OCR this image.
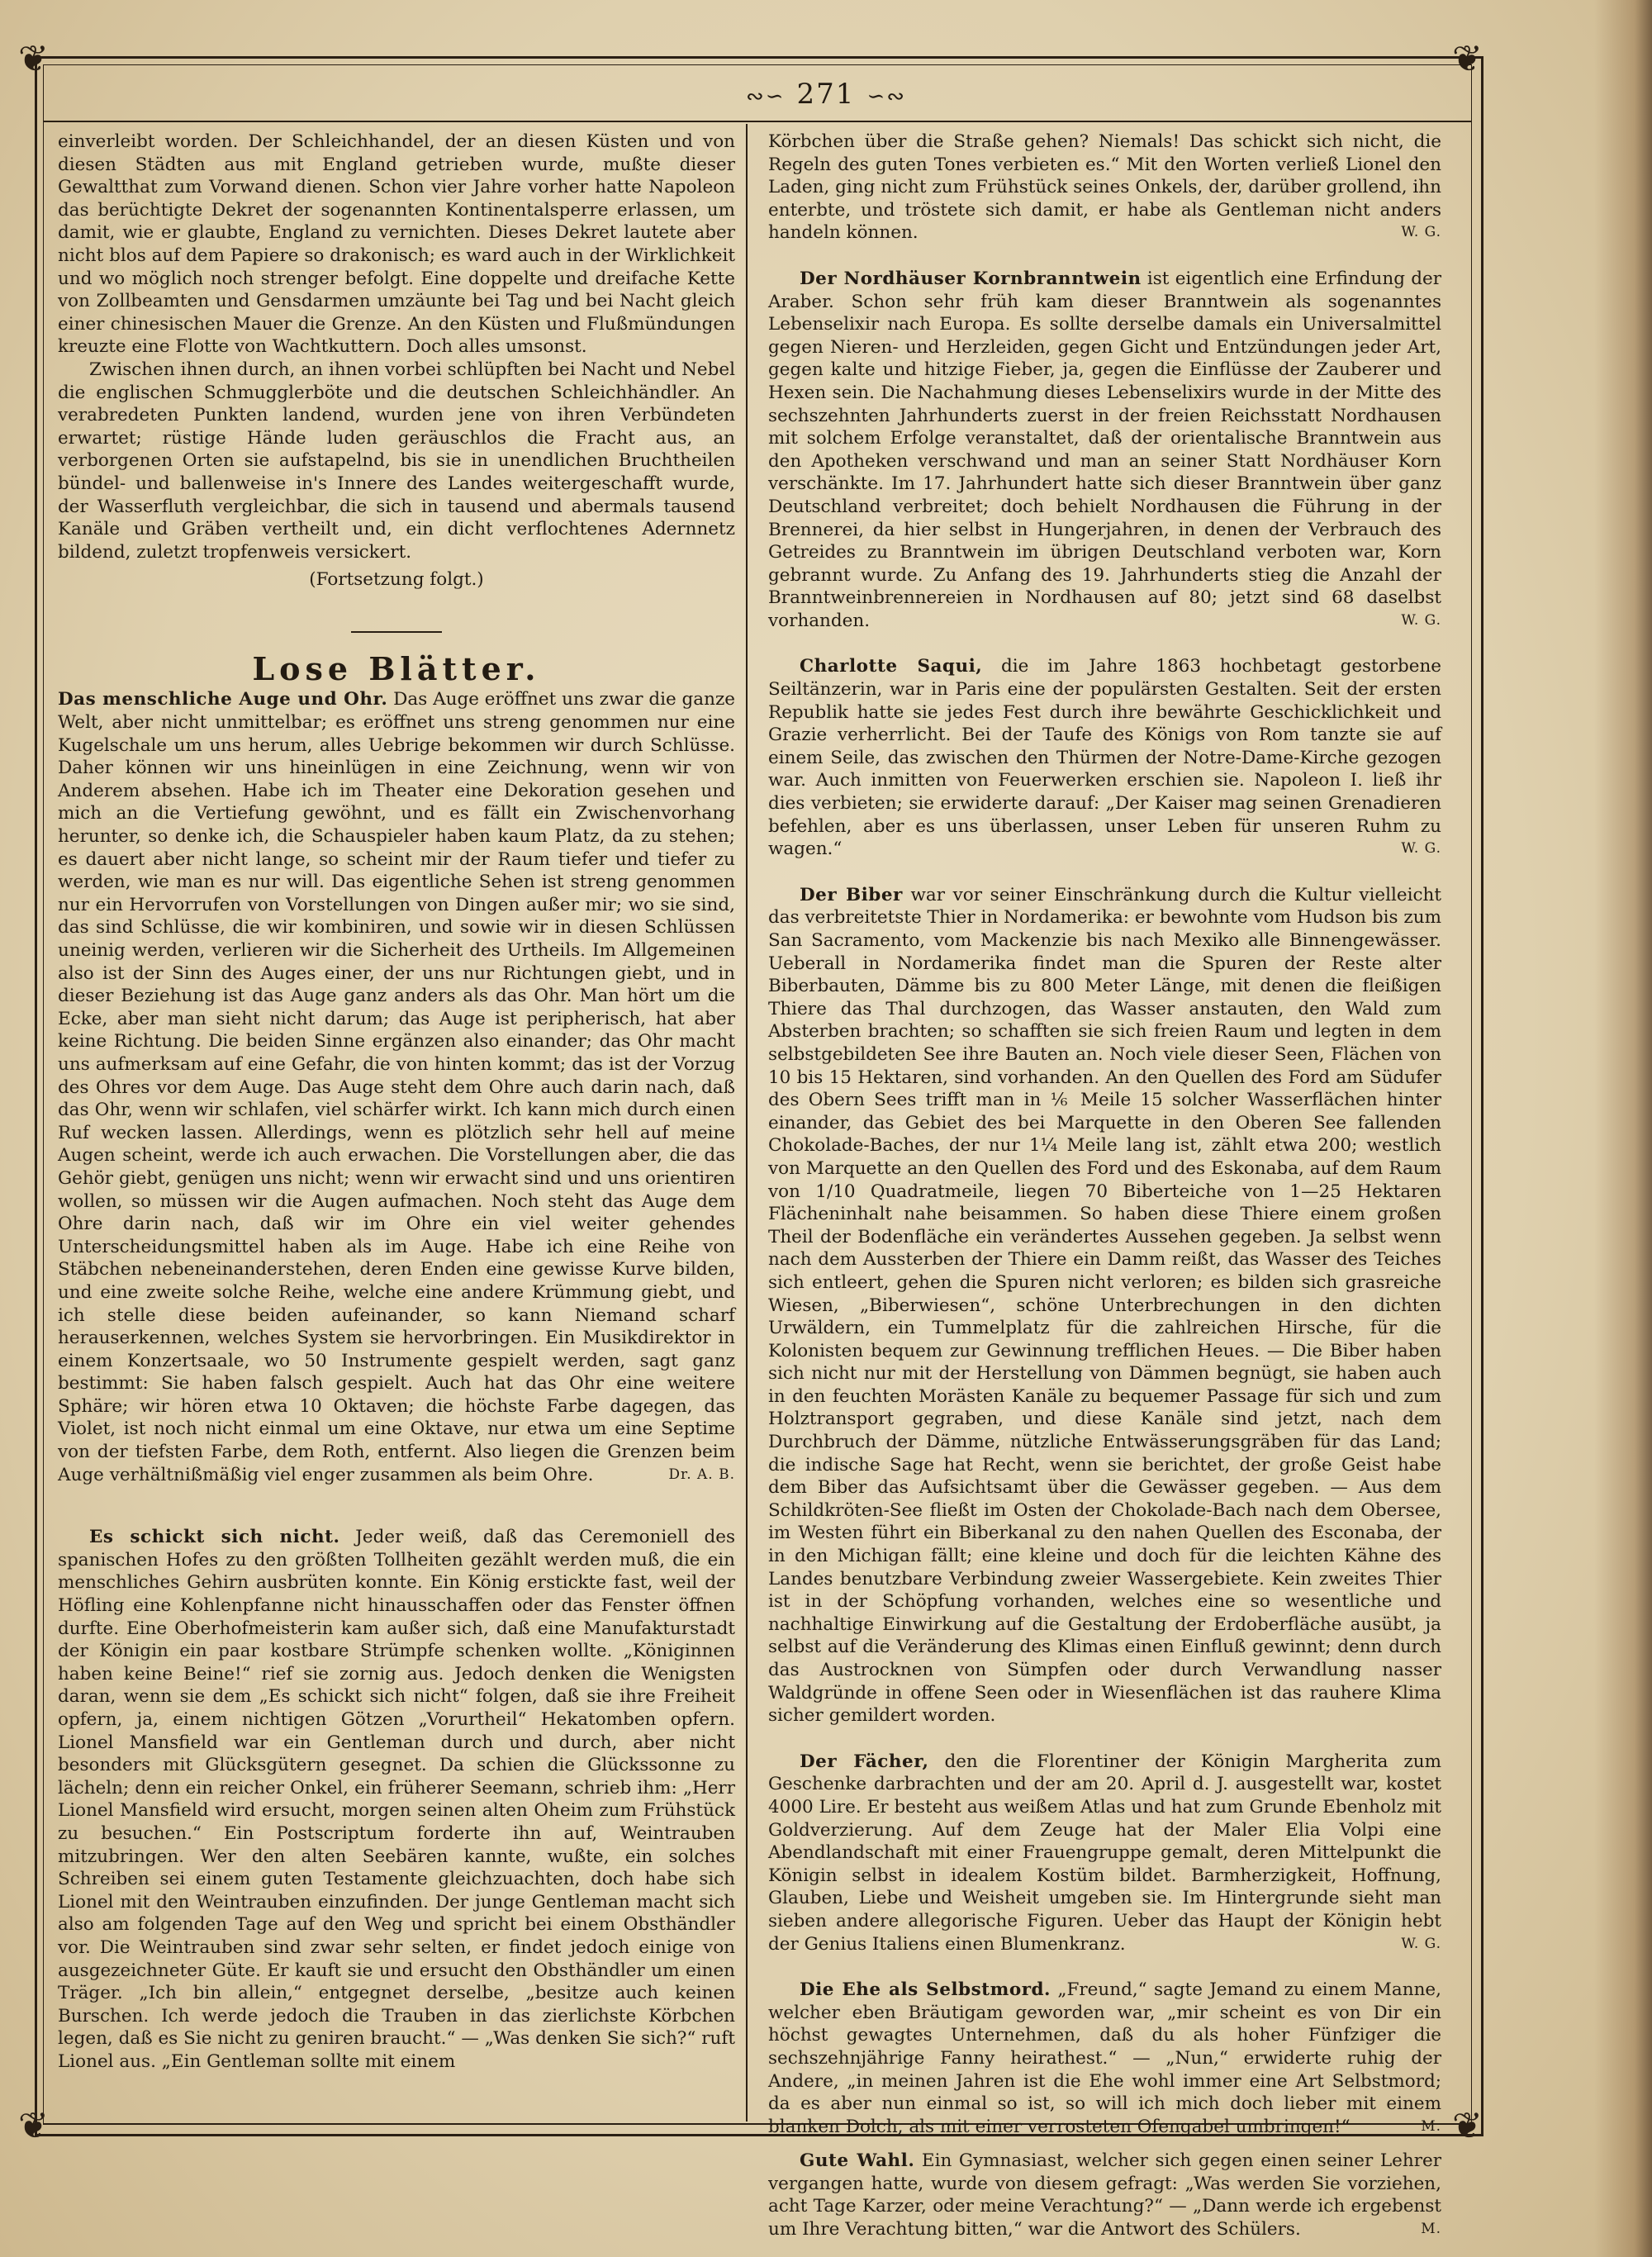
❦	❦
❦	❦
∾∽ 271 ∽∾

einverleibt worden. Der Schleichhandel, der an diesen Küsten und von diesen Städten aus mit England getrieben wurde, mußte dieser Gewaltthat zum Vorwand dienen. Schon vier Jahre vorher hatte Napoleon das berüchtigte Dekret der sogenannten Kontinentalsperre erlassen, um damit, wie er glaubte, England zu vernichten. Dieses Dekret lautete aber nicht blos auf dem Papiere so drakonisch; es ward auch in der Wirklichkeit und wo möglich noch strenger befolgt. Eine doppelte und dreifache Kette von Zollbeamten und Gensdarmen umzäunte bei Tag und bei Nacht gleich einer chinesischen Mauer die Grenze. An den Küsten und Flußmündungen kreuzte eine Flotte von Wachtkuttern. Doch alles umsonst.

Zwischen ihnen durch, an ihnen vorbei schlüpften bei Nacht und Nebel die englischen Schmugglerböte und die deutschen Schleichhändler. An verabredeten Punkten landend, wurden jene von ihren Verbündeten erwartet; rüstige Hände luden geräuschlos die Fracht aus, an verborgenen Orten sie aufstapelnd, bis sie in unendlichen Bruchtheilen bündel- und ballenweise in's Innere des Landes weitergeschafft wurde, der Wasserfluth vergleichbar, die sich in tausend und abermals tausend Kanäle und Gräben vertheilt und, ein dicht verflochtenes Adernnetz bildend, zuletzt tropfenweis versickert.

(Fortsetzung folgt.)

Lose Blätter.

Das menschliche Auge und Ohr. Das Auge eröffnet uns zwar die ganze Welt, aber nicht unmittelbar; es eröffnet uns streng genommen nur eine Kugelschale um uns herum, alles Uebrige bekommen wir durch Schlüsse. Daher können wir uns hineinlügen in eine Zeichnung, wenn wir von Anderem absehen. Habe ich im Theater eine Dekoration gesehen und mich an die Vertiefung gewöhnt, und es fällt ein Zwischenvorhang herunter, so denke ich, die Schauspieler haben kaum Platz, da zu stehen; es dauert aber nicht lange, so scheint mir der Raum tiefer und tiefer zu werden, wie man es nur will. Das eigentliche Sehen ist streng genommen nur ein Hervorrufen von Vorstellungen von Dingen außer mir; wo sie sind, das sind Schlüsse, die wir kombiniren, und sowie wir in diesen Schlüssen uneinig werden, verlieren wir die Sicherheit des Urtheils. Im Allgemeinen also ist der Sinn des Auges einer, der uns nur Richtungen giebt, und in dieser Beziehung ist das Auge ganz anders als das Ohr. Man hört um die Ecke, aber man sieht nicht darum; das Auge ist peripherisch, hat aber keine Richtung. Die beiden Sinne ergänzen also einander; das Ohr macht uns aufmerksam auf eine Gefahr, die von hinten kommt; das ist der Vorzug des Ohres vor dem Auge. Das Auge steht dem Ohre auch darin nach, daß das Ohr, wenn wir schlafen, viel schärfer wirkt. Ich kann mich durch einen Ruf wecken lassen. Allerdings, wenn es plötzlich sehr hell auf meine Augen scheint, werde ich auch erwachen. Die Vorstellungen aber, die das Gehör giebt, genügen uns nicht; wenn wir erwacht sind und uns orientiren wollen, so müssen wir die Augen aufmachen. Noch steht das Auge dem Ohre darin nach, daß wir im Ohre ein viel weiter gehendes Unterscheidungsmittel haben als im Auge. Habe ich eine Reihe von Stäbchen nebeneinanderstehen, deren Enden eine gewisse Kurve bilden, und eine zweite solche Reihe, welche eine andere Krümmung giebt, und ich stelle diese beiden aufeinander, so kann Niemand scharf herauserkennen, welches System sie hervorbringen. Ein Musikdirektor in einem Konzertsaale, wo 50 Instrumente gespielt werden, sagt ganz bestimmt: Sie haben falsch gespielt. Auch hat das Ohr eine weitere Sphäre; wir hören etwa 10 Oktaven; die höchste Farbe dagegen, das Violet, ist noch nicht einmal um eine Oktave, nur etwa um eine Septime von der tiefsten Farbe, dem Roth, entfernt. Also liegen die Grenzen beim Auge verhältnißmäßig viel enger zusammen als beim Ohre.	Dr. A. B.

Es schickt sich nicht. Jeder weiß, daß das Ceremoniell des spanischen Hofes zu den größten Tollheiten gezählt werden muß, die ein menschliches Gehirn ausbrüten konnte. Ein König erstickte fast, weil der Höfling eine Kohlenpfanne nicht hinausschaffen oder das Fenster öffnen durfte. Eine Oberhofmeisterin kam außer sich, daß eine Manufakturstadt der Königin ein paar kostbare Strümpfe schenken wollte. „Königinnen haben keine Beine!“ rief sie zornig aus. Jedoch denken die Wenigsten daran, wenn sie dem „Es schickt sich nicht“ folgen, daß sie ihre Freiheit opfern, ja, einem nichtigen Götzen „Vorurtheil“ Hekatomben opfern. Lionel Mansfield war ein Gentleman durch und durch, aber nicht besonders mit Glücksgütern gesegnet. Da schien die Glückssonne zu lächeln; denn ein reicher Onkel, ein früherer Seemann, schrieb ihm: „Herr Lionel Mansfield wird ersucht, morgen seinen alten Oheim zum Frühstück zu besuchen.“ Ein Postscriptum forderte ihn auf, Weintrauben mitzubringen. Wer den alten Seebären kannte, wußte, ein solches Schreiben sei einem guten Testamente gleichzuachten, doch habe sich Lionel mit den Weintrauben einzufinden. Der junge Gentleman macht sich also am folgenden Tage auf den Weg und spricht bei einem Obsthändler vor. Die Weintrauben sind zwar sehr selten, er findet jedoch einige von ausgezeichneter Güte. Er kauft sie und ersucht den Obsthändler um einen Träger. „Ich bin allein,“ entgegnet derselbe, „besitze auch keinen Burschen. Ich werde jedoch die Trauben in das zierlichste Körbchen legen, daß es Sie nicht zu geniren braucht.“ — „Was denken Sie sich?“ ruft Lionel aus. „Ein Gentleman sollte mit einem

Körbchen über die Straße gehen? Niemals! Das schickt sich nicht, die Regeln des guten Tones verbieten es.“ Mit den Worten verließ Lionel den Laden, ging nicht zum Frühstück seines Onkels, der, darüber grollend, ihn enterbte, und tröstete sich damit, er habe als Gentleman nicht anders handeln können.	W. G.

Der Nordhäuser Kornbranntwein ist eigentlich eine Erfindung der Araber. Schon sehr früh kam dieser Branntwein als sogenanntes Lebenselixir nach Europa. Es sollte derselbe damals ein Universalmittel gegen Nieren- und Herzleiden, gegen Gicht und Entzündungen jeder Art, gegen kalte und hitzige Fieber, ja, gegen die Einflüsse der Zauberer und Hexen sein. Die Nachahmung dieses Lebenselixirs wurde in der Mitte des sechszehnten Jahrhunderts zuerst in der freien Reichsstatt Nordhausen mit solchem Erfolge veranstaltet, daß der orientalische Branntwein aus den Apotheken verschwand und man an seiner Statt Nordhäuser Korn verschänkte. Im 17. Jahrhundert hatte sich dieser Branntwein über ganz Deutschland verbreitet; doch behielt Nordhausen die Führung in der Brennerei, da hier selbst in Hungerjahren, in denen der Verbrauch des Getreides zu Branntwein im übrigen Deutschland verboten war, Korn gebrannt wurde. Zu Anfang des 19. Jahrhunderts stieg die Anzahl der Branntweinbrennereien in Nordhausen auf 80; jetzt sind 68 daselbst vorhanden.	W. G.

Charlotte Saqui, die im Jahre 1863 hochbetagt gestorbene Seiltänzerin, war in Paris eine der populärsten Gestalten. Seit der ersten Republik hatte sie jedes Fest durch ihre bewährte Geschicklichkeit und Grazie verherrlicht. Bei der Taufe des Königs von Rom tanzte sie auf einem Seile, das zwischen den Thürmen der Notre-Dame-Kirche gezogen war. Auch inmitten von Feuerwerken erschien sie. Napoleon I. ließ ihr dies verbieten; sie erwiderte darauf: „Der Kaiser mag seinen Grenadieren befehlen, aber es uns überlassen, unser Leben für unseren Ruhm zu wagen.“	W. G.

Der Biber war vor seiner Einschränkung durch die Kultur vielleicht das verbreitetste Thier in Nordamerika: er bewohnte vom Hudson bis zum San Sacramento, vom Mackenzie bis nach Mexiko alle Binnengewässer. Ueberall in Nordamerika findet man die Spuren der Reste alter Biberbauten, Dämme bis zu 800 Meter Länge, mit denen die fleißigen Thiere das Thal durchzogen, das Wasser anstauten, den Wald zum Absterben brachten; so schafften sie sich freien Raum und legten in dem selbstgebildeten See ihre Bauten an. Noch viele dieser Seen, Flächen von 10 bis 15 Hektaren, sind vorhanden. An den Quellen des Ford am Südufer des Obern Sees trifft man in ⅙ Meile 15 solcher Wasserflächen hinter einander, das Gebiet des bei Marquette in den Oberen See fallenden Chokolade-Baches, der nur 1¼ Meile lang ist, zählt etwa 200; westlich von Marquette an den Quellen des Ford und des Eskonaba, auf dem Raum von 1/10 Quadratmeile, liegen 70 Biberteiche von 1—25 Hektaren Flächeninhalt nahe beisammen. So haben diese Thiere einem großen Theil der Bodenfläche ein verändertes Aussehen gegeben. Ja selbst wenn nach dem Aussterben der Thiere ein Damm reißt, das Wasser des Teiches sich entleert, gehen die Spuren nicht verloren; es bilden sich grasreiche Wiesen, „Biberwiesen“, schöne Unterbrechungen in den dichten Urwäldern, ein Tummelplatz für die zahlreichen Hirsche, für die Kolonisten bequem zur Gewinnung trefflichen Heues. — Die Biber haben sich nicht nur mit der Herstellung von Dämmen begnügt, sie haben auch in den feuchten Morästen Kanäle zu bequemer Passage für sich und zum Holztransport gegraben, und diese Kanäle sind jetzt, nach dem Durchbruch der Dämme, nützliche Entwässerungsgräben für das Land; die indische Sage hat Recht, wenn sie berichtet, der große Geist habe dem Biber das Aufsichtsamt über die Gewässer gegeben. — Aus dem Schildkröten-See fließt im Osten der Chokolade-Bach nach dem Obersee, im Westen führt ein Biberkanal zu den nahen Quellen des Esconaba, der in den Michigan fällt; eine kleine und doch für die leichten Kähne des Landes benutzbare Verbindung zweier Wassergebiete. Kein zweites Thier ist in der Schöpfung vorhanden, welches eine so wesentliche und nachhaltige Einwirkung auf die Gestaltung der Erdoberfläche ausübt, ja selbst auf die Veränderung des Klimas einen Einfluß gewinnt; denn durch das Austrocknen von Sümpfen oder durch Verwandlung nasser Waldgründe in offene Seen oder in Wiesenflächen ist das rauhere Klima sicher gemildert worden.

Der Fächer, den die Florentiner der Königin Margherita zum Geschenke darbrachten und der am 20. April d. J. ausgestellt war, kostet 4000 Lire. Er besteht aus weißem Atlas und hat zum Grunde Ebenholz mit Goldverzierung. Auf dem Zeuge hat der Maler Elia Volpi eine Abendlandschaft mit einer Frauengruppe gemalt, deren Mittelpunkt die Königin selbst in idealem Kostüm bildet. Barmherzigkeit, Hoffnung, Glauben, Liebe und Weisheit umgeben sie. Im Hintergrunde sieht man sieben andere allegorische Figuren. Ueber das Haupt der Königin hebt der Genius Italiens einen Blumenkranz.	W. G.

Die Ehe als Selbstmord. „Freund,“ sagte Jemand zu einem Manne, welcher eben Bräutigam geworden war, „mir scheint es von Dir ein höchst gewagtes Unternehmen, daß du als hoher Fünfziger die sechszehnjährige Fanny heirathest.“ — „Nun,“ erwiderte ruhig der Andere, „in meinen Jahren ist die Ehe wohl immer eine Art Selbstmord; da es aber nun einmal so ist, so will ich mich doch lieber mit einem blanken Dolch, als mit einer verrosteten Ofengabel umbringen!“	M.

Gute Wahl. Ein Gymnasiast, welcher sich gegen einen seiner Lehrer vergangen hatte, wurde von diesem gefragt: „Was werden Sie vorziehen, acht Tage Karzer, oder meine Verachtung?“ — „Dann werde ich ergebenst um Ihre Verachtung bitten,“ war die Antwort des Schülers.	M.
